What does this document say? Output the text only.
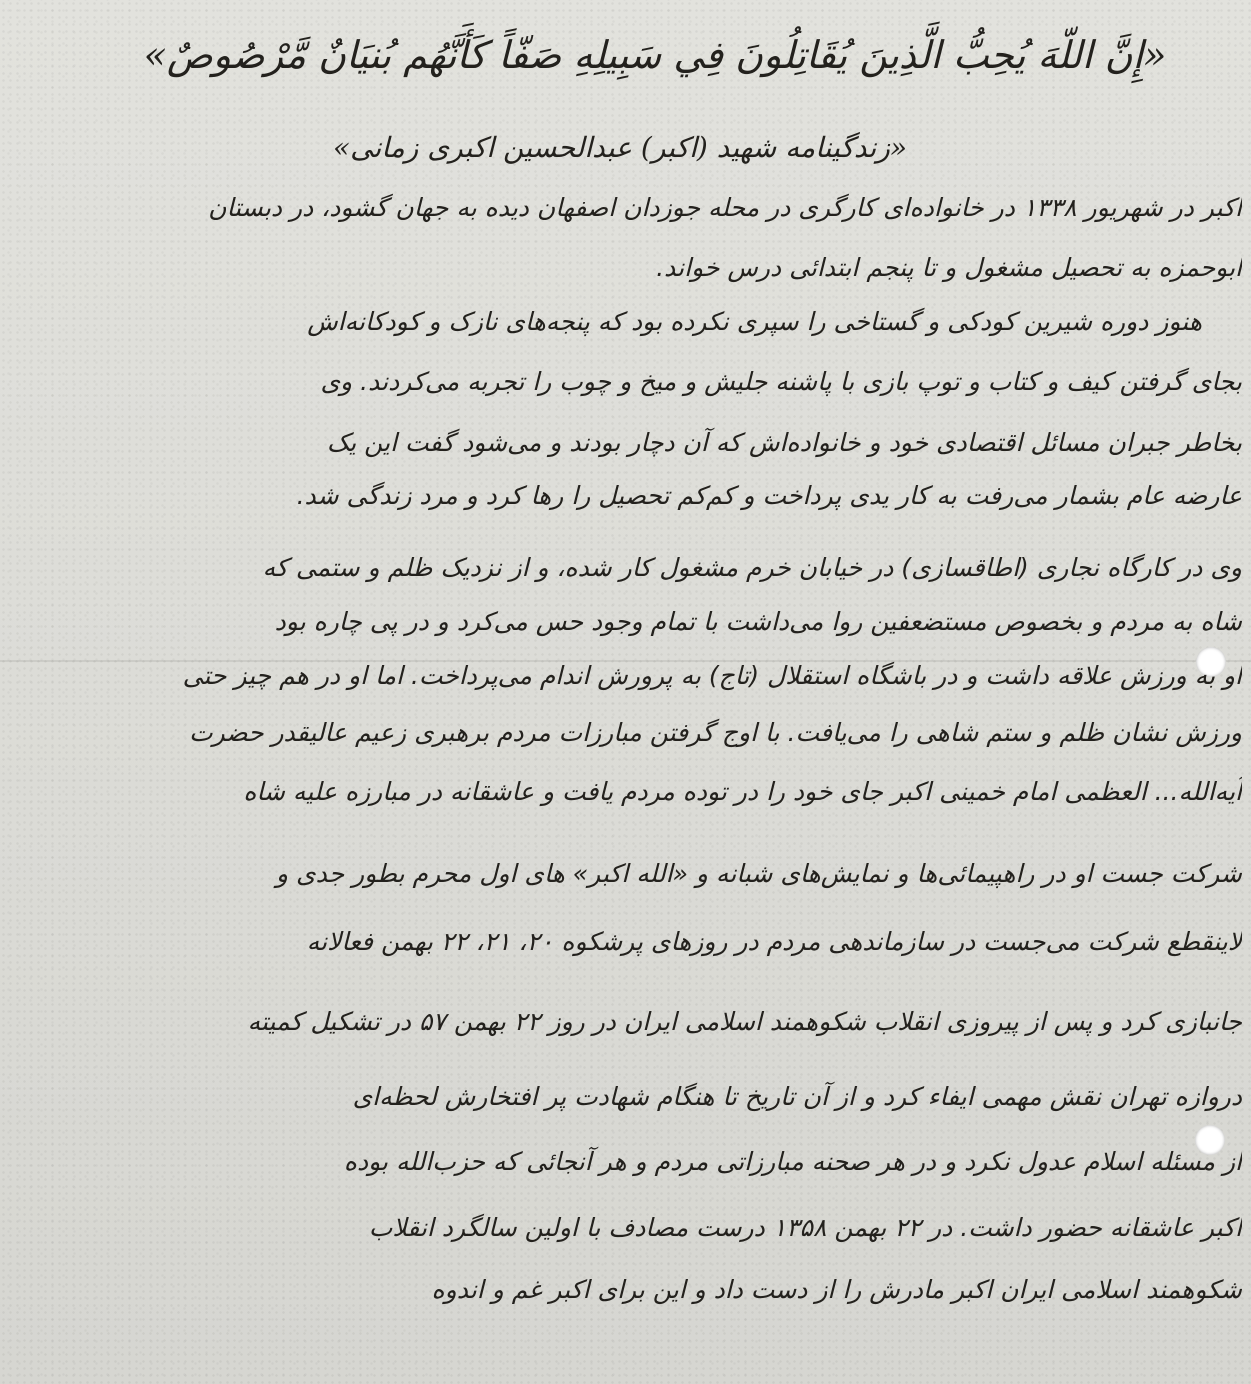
«إِنَّ اللّهَ يُحِبُّ الَّذِينَ يُقَاتِلُونَ فِي سَبِيلِهِ صَفّاً كَأَنَّهُم بُنيَانٌ مَّرْصُوصٌ»
«زندگینامه شهید (اکبر) عبدالحسین اکبری زمانی»
اکبر در شهریور ۱۳۳۸ در خانواده‌ای کارگری در محله جوزدان اصفهان دیده به جهان گشود، در دبستان
ابوحمزه به تحصیل مشغول و تا پنجم ابتدائی درس خواند.
هنوز دوره شیرین کودکی و گستاخی را سپری نکرده بود که پنجه‌های نازک و کودکانه‌اش
بجای گرفتن کیف و کتاب و توپ بازی با پاشنه جلیش و میخ و چوب را تجربه می‌کردند. وی
بخاطر جبران مسائل اقتصادی خود و خانواده‌اش که آن دچار بودند و می‌شود گفت این یک
عارضه عام بشمار می‌رفت به کار یدی پرداخت و کم‌کم تحصیل را رها کرد و مرد زندگی شد.
وی در کارگاه نجاری (اطاقسازی) در خیابان خرم مشغول کار شده، و از نزدیک ظلم و ستمی که
شاه به مردم و بخصوص مستضعفین روا می‌داشت با تمام وجود حس می‌کرد و در پی چاره بود
او به ورزش علاقه داشت و در باشگاه استقلال (تاج) به پرورش اندام می‌پرداخت. اما او در هم چیز حتی
ورزش نشان ظلم و ستم شاهی را می‌یافت. با اوج گرفتن مبارزات مردم برهبری زعیم عالیقدر حضرت
آیه‌الله... العظمی امام خمینی اکبر جای خود را در توده مردم یافت و عاشقانه در مبارزه علیه شاه
شرکت جست او در راهپیمائی‌ها و نمایش‌های شبانه و «الله اکبر» های اول محرم بطور جدی و
لاینقطع شرکت می‌جست در سازماندهی مردم در روزهای پرشکوه ۲۰، ۲۱، ۲۲ بهمن فعالانه
جانبازی کرد و پس از پیروزی انقلاب شکوهمند اسلامی ایران در روز ۲۲ بهمن ۵۷ در تشکیل کمیته
دروازه تهران نقش مهمی ایفاء کرد و از آن تاریخ تا هنگام شهادت پر افتخارش لحظه‌ای
از مسئله اسلام عدول نکرد و در هر صحنه مبارزاتی مردم و هر آنجائی که حزب‌الله بوده
اکبر عاشقانه حضور داشت. در ۲۲ بهمن ۱۳۵۸ درست مصادف با اولین سالگرد انقلاب
شکوهمند اسلامی ایران اکبر مادرش را از دست داد و این برای اکبر غم و اندوه
